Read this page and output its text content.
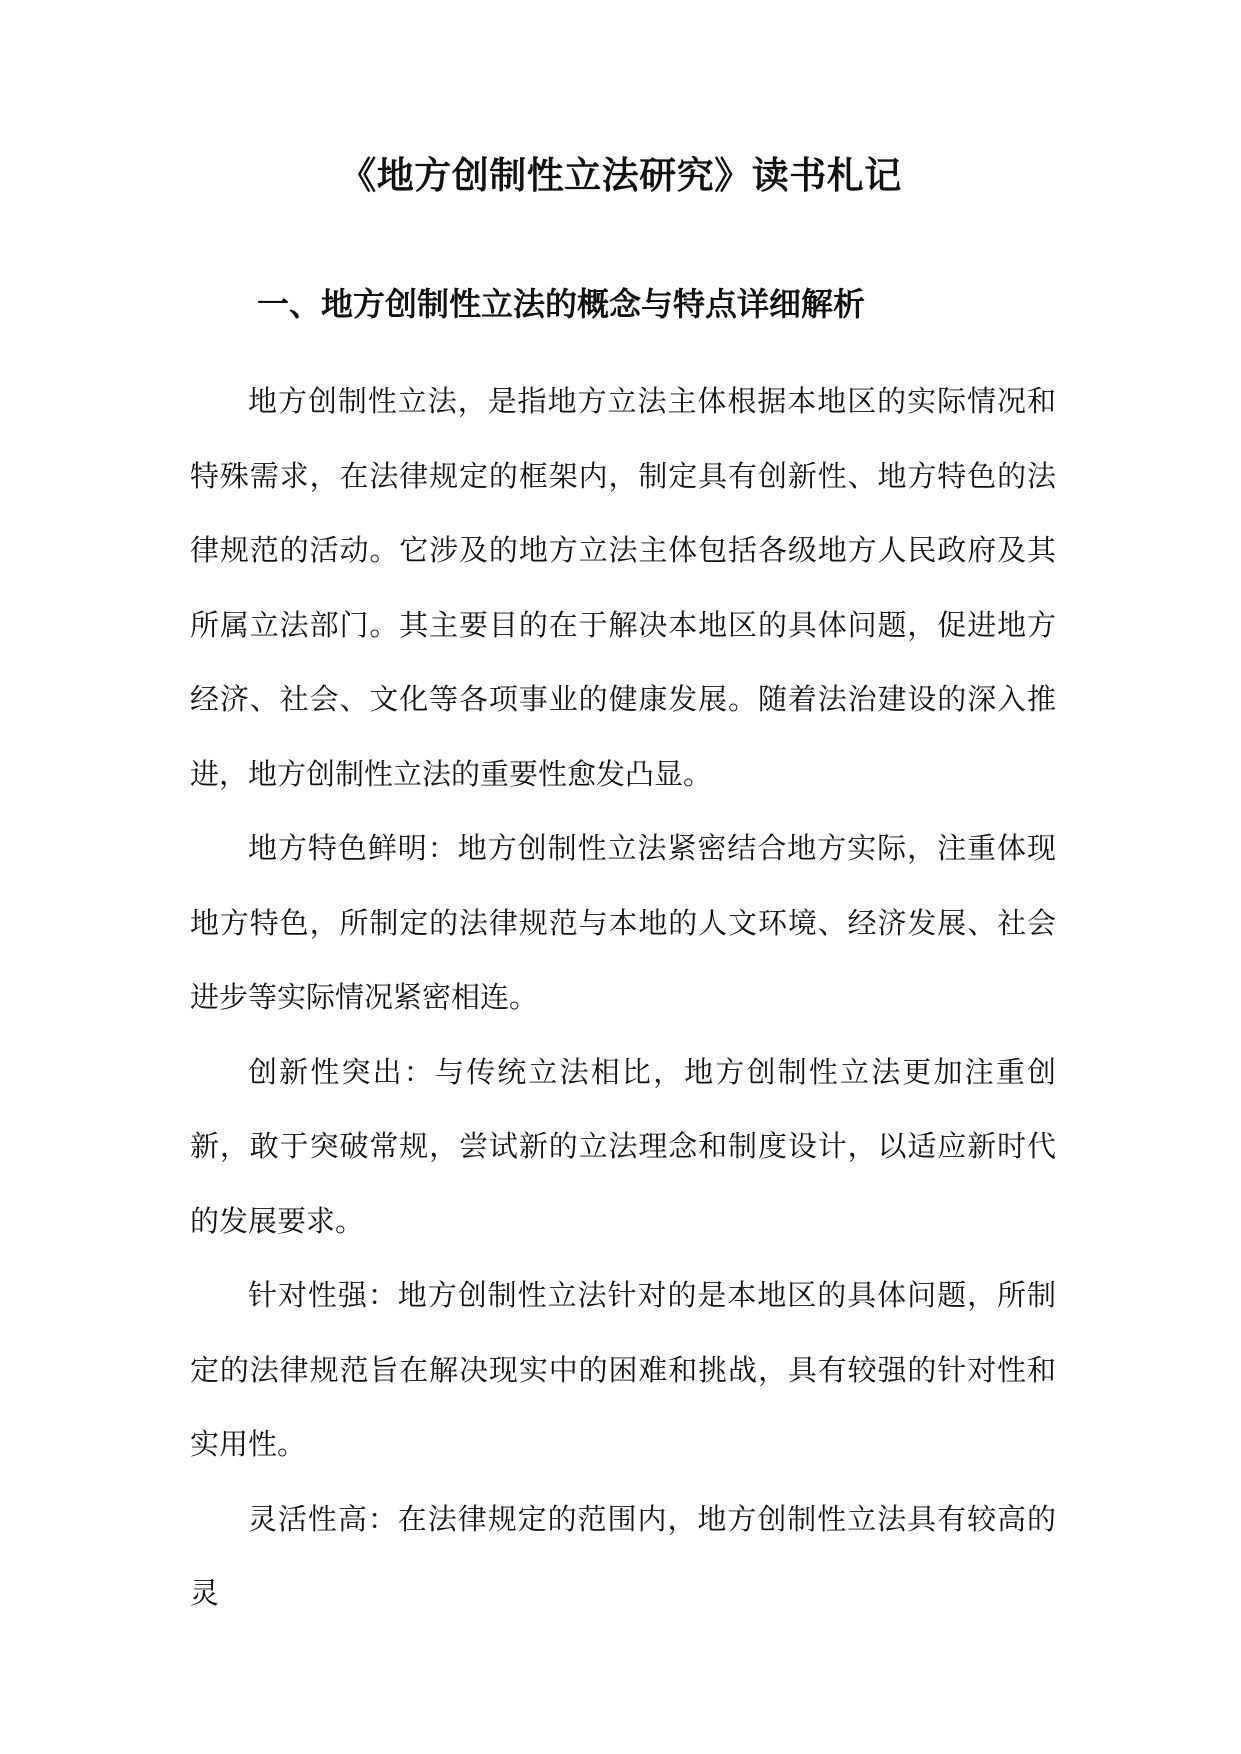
《地方创制性立法研究》读书札记
一、地方创制性立法的概念与特点详细解析

地方创制性立法，是指地方立法主体根据本地区的实际情况和特殊需求，在法律规定的框架内，制定具有创新性、地方特色的法律规范的活动。它涉及的地方立法主体包括各级地方人民政府及其所属立法部门。其主要目的在于解决本地区的具体问题，促进地方经济、社会、文化等各项事业的健康发展。随着法治建设的深入推进，地方创制性立法的重要性愈发凸显。

地方特色鲜明：地方创制性立法紧密结合地方实际，注重体现地方特色，所制定的法律规范与本地的人文环境、经济发展、社会进步等实际情况紧密相连。

创新性突出：与传统立法相比，地方创制性立法更加注重创新，敢于突破常规，尝试新的立法理念和制度设计，以适应新时代的发展要求。

针对性强：地方创制性立法针对的是本地区的具体问题，所制定的法律规范旨在解决现实中的困难和挑战，具有较强的针对性和实用性。

灵活性高：在法律规定的范围内，地方创制性立法具有较高的灵
